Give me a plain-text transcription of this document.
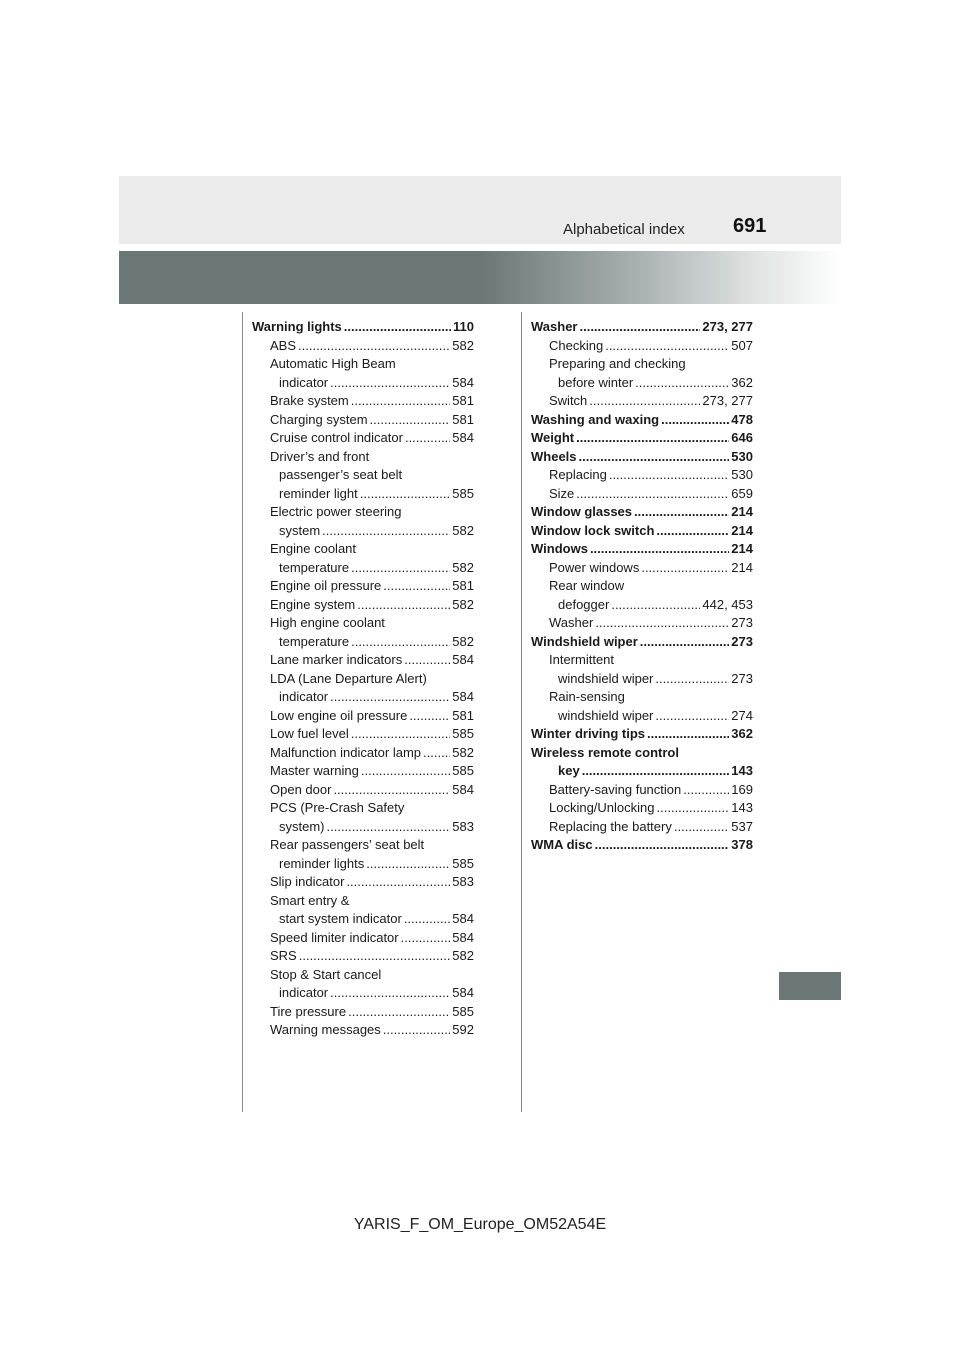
Alphabetical index 691
Warning lights .....	110
ABS .....	582
Automatic High Beam
indicator .....	584
Brake system .....	581
Charging system .....	581
Cruise control indicator .....	584
Driver’s and front
passenger’s seat belt
reminder light .....	585
Electric power steering
system .....	582
Engine coolant
temperature .....	582
Engine oil pressure .....	581
Engine system .....	582
High engine coolant
temperature .....	582
Lane marker indicators .....	584
LDA (Lane Departure Alert)
indicator .....	584
Low engine oil pressure .....	581
Low fuel level .....	585
Malfunction indicator lamp ..... 582
Master warning .....	585
Open door .....	584
PCS (Pre-Crash Safety
system) .....	583
Rear passengers’ seat belt
reminder lights .....	585
Slip indicator .....	583
Smart entry &
start system indicator .....	584
Speed limiter indicator .....	584
SRS .....	582
Stop & Start cancel
indicator .....	584
Tire pressure .....	585
Warning messages .....	592
Washer .....	273, 277
Checking .....	507
Preparing and checking
before winter .....	362
Switch .....	273, 277
Washing and waxing .....	478
Weight .....	646
Wheels .....	530
Replacing .....	530
Size .....	659
Window glasses .....	214
Window lock switch .....	214
Windows .....	214
Power windows .....	214
Rear window
defogger .....	442, 453
Washer .....	273
Windshield wiper .....	273
Intermittent
windshield wiper .....	273
Rain-sensing
windshield wiper .....	274
Winter driving tips .....	362
Wireless remote control
key .....	143
Battery-saving function .....	169
Locking/Unlocking .....	143
Replacing the battery .....	537
WMA disc .....	378
YARIS_F_OM_Europe_OM52A54E
